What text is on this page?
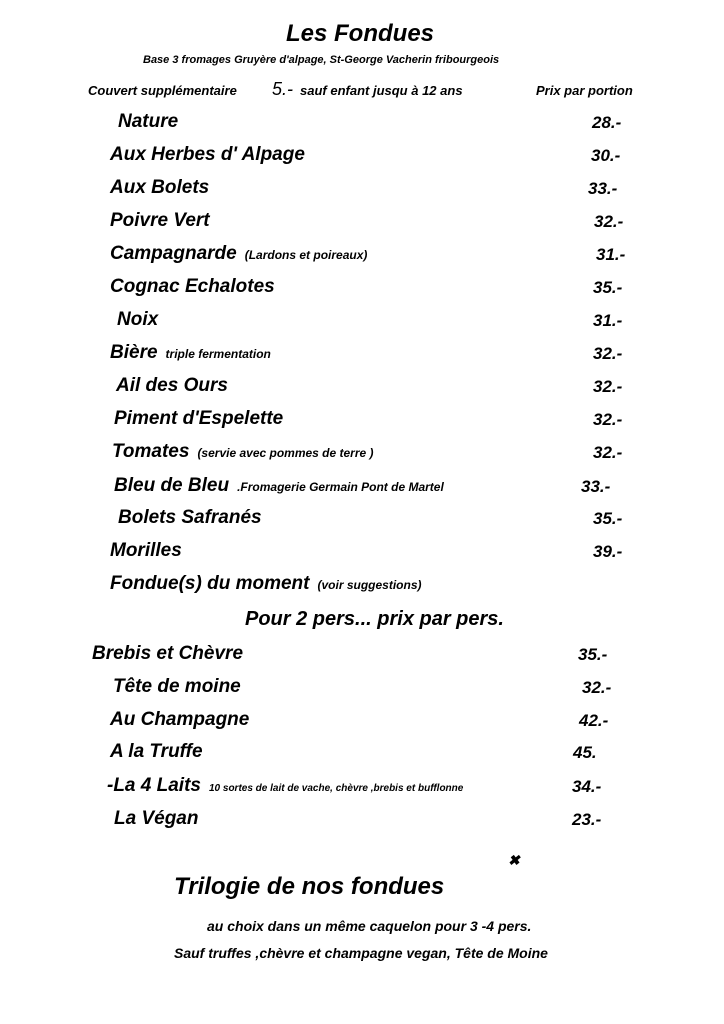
Les Fondues
Base 3 fromages Gruyère d'alpage, St-George Vacherin fribourgeois
Couvert supplémentaire 5.- sauf enfant jusqu à 12 ans	Prix par portion
Nature	28.-
Aux Herbes d' Alpage	30.-
Aux Bolets	33.-
Poivre Vert	32.-
Campagnarde (Lardons et poireaux)	31.-
Cognac Echalotes	35.-
Noix	31.-
Bière triple fermentation	32.-
Ail des Ours	32.-
Piment d'Espelette	32.-
Tomates (servie avec pommes de terre )	32.-
Bleu de Bleu .Fromagerie Germain Pont de Martel	33.-
Bolets Safranés	35.-
Morilles	39.-
Fondue(s) du moment (voir suggestions)
Pour 2 pers... prix par pers.
Brebis et Chèvre	35.-
Tête de moine	32.-
Au Champagne	42.-
A la Truffe	45.
-La 4 Laits 10 sortes de lait de vache, chèvre ,brebis et bufflonne	34.-
La Végan	23.-
✖
Trilogie de nos fondues
au choix dans un même caquelon pour 3 -4 pers.
Sauf truffes ,chèvre et champagne vegan, Tête de Moine
